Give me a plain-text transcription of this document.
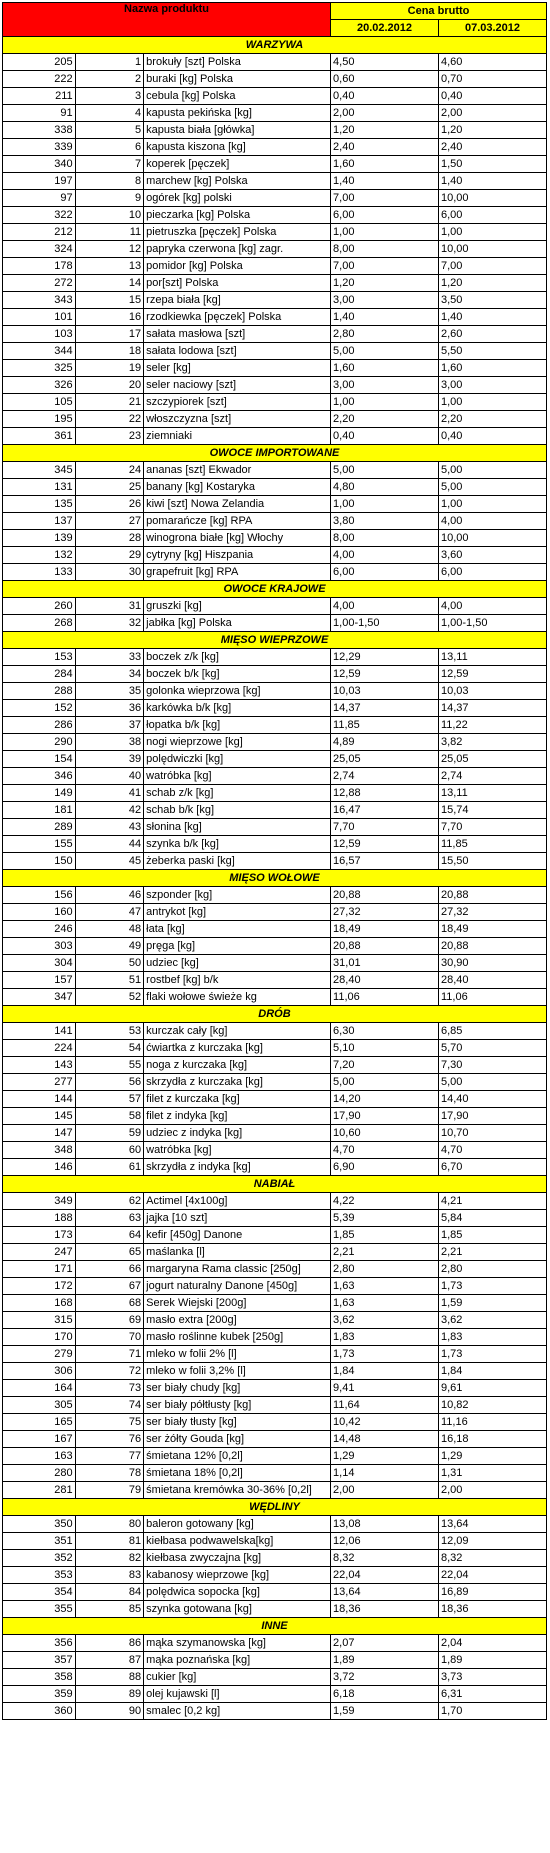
Nazwa produktu			Cena brutto	
			20.02.2012	07.03.2012
WARZYWA				
205	1	brokuły [szt] Polska	4,50	4,60
222	2	buraki [kg] Polska	0,60	0,70
211	3	cebula [kg] Polska	0,40	0,40
91	4	kapusta pekińska [kg]	2,00	2,00
338	5	kapusta biała [główka]	1,20	1,20
339	6	kapusta kiszona [kg]	2,40	2,40
340	7	koperek [pęczek]	1,60	1,50
197	8	marchew [kg] Polska	1,40	1,40
97	9	ogórek [kg] polski	7,00	10,00
322	10	pieczarka [kg] Polska	6,00	6,00
212	11	pietruszka [pęczek] Polska	1,00	1,00
324	12	papryka czerwona [kg] zagr.	8,00	10,00
178	13	pomidor [kg] Polska	7,00	7,00
272	14	por[szt] Polska	1,20	1,20
343	15	rzepa biała [kg]	3,00	3,50
101	16	rzodkiewka [pęczek] Polska	1,40	1,40
103	17	sałata masłowa [szt]	2,80	2,60
344	18	sałata lodowa [szt]	5,00	5,50
325	19	seler [kg]	1,60	1,60
326	20	seler naciowy [szt]	3,00	3,00
105	21	szczypiorek [szt]	1,00	1,00
195	22	włoszczyzna [szt]	2,20	2,20
361	23	ziemniaki	0,40	0,40
OWOCE IMPORTOWANE				
345	24	ananas [szt] Ekwador	5,00	5,00
131	25	banany [kg] Kostaryka	4,80	5,00
135	26	kiwi [szt] Nowa Zelandia	1,00	1,00
137	27	pomarańcze [kg] RPA	3,80	4,00
139	28	winogrona białe [kg] Włochy	8,00	10,00
132	29	cytryny [kg] Hiszpania	4,00	3,60
133	30	grapefruit [kg] RPA	6,00	6,00
OWOCE KRAJOWE				
260	31	gruszki [kg]	4,00	4,00
268	32	jabłka [kg] Polska	1,00-1,50	1,00-1,50
MIĘSO WIEPRZOWE				
153	33	boczek z/k [kg]	12,29	13,11
284	34	boczek b/k [kg]	12,59	12,59
288	35	golonka wieprzowa [kg]	10,03	10,03
152	36	karkówka b/k [kg]	14,37	14,37
286	37	łopatka b/k [kg]	11,85	11,22
290	38	nogi wieprzowe [kg]	4,89	3,82
154	39	polędwiczki [kg]	25,05	25,05
346	40	watróbka [kg]	2,74	2,74
149	41	schab z/k [kg]	12,88	13,11
181	42	schab b/k [kg]	16,47	15,74
289	43	słonina [kg]	7,70	7,70
155	44	szynka b/k [kg]	12,59	11,85
150	45	żeberka paski [kg]	16,57	15,50
MIĘSO WOŁOWE				
156	46	szponder [kg]	20,88	20,88
160	47	antrykot [kg]	27,32	27,32
246	48	łata [kg]	18,49	18,49
303	49	pręga [kg]	20,88	20,88
304	50	udziec [kg]	31,01	30,90
157	51	rostbef [kg] b/k	28,40	28,40
347	52	flaki wołowe świeże kg	11,06	11,06
DRÓB				
141	53	kurczak cały [kg]	6,30	6,85
224	54	ćwiartka z kurczaka [kg]	5,10	5,70
143	55	noga z kurczaka [kg]	7,20	7,30
277	56	skrzydła z kurczaka [kg]	5,00	5,00
144	57	filet z kurczaka [kg]	14,20	14,40
145	58	filet z indyka [kg]	17,90	17,90
147	59	udziec z indyka [kg]	10,60	10,70
348	60	watróbka [kg]	4,70	4,70
146	61	skrzydła z indyka [kg]	6,90	6,70
NABIAŁ				
349	62	Actimel [4x100g]	4,22	4,21
188	63	jajka [10 szt]	5,39	5,84
173	64	kefir [450g] Danone	1,85	1,85
247	65	maślanka [l]	2,21	2,21
171	66	margaryna Rama classic [250g]	2,80	2,80
172	67	jogurt naturalny Danone [450g]	1,63	1,73
168	68	Serek Wiejski [200g]	1,63	1,59
315	69	masło extra [200g]	3,62	3,62
170	70	masło roślinne kubek [250g]	1,83	1,83
279	71	mleko w folii 2% [l]	1,73	1,73
306	72	mleko w folii 3,2% [l]	1,84	1,84
164	73	ser biały chudy [kg]	9,41	9,61
305	74	ser biały półtłusty [kg]	11,64	10,82
165	75	ser biały tłusty [kg]	10,42	11,16
167	76	ser żółty Gouda [kg]	14,48	16,18
163	77	śmietana 12% [0,2l]	1,29	1,29
280	78	śmietana 18% [0,2l]	1,14	1,31
281	79	śmietana kremówka 30-36% [0,2l]	2,00	2,00
WĘDLINY				
350	80	baleron gotowany [kg]	13,08	13,64
351	81	kiełbasa podwawelska[kg]	12,06	12,09
352	82	kiełbasa zwyczajna [kg]	8,32	8,32
353	83	kabanosy wieprzowe [kg]	22,04	22,04
354	84	polędwica sopocka [kg]	13,64	16,89
355	85	szynka gotowana [kg]	18,36	18,36
INNE				
356	86	mąka szymanowska [kg]	2,07	2,04
357	87	mąka poznańska [kg]	1,89	1,89
358	88	cukier [kg]	3,72	3,73
359	89	olej kujawski [l]	6,18	6,31
360	90	smalec [0,2 kg]	1,59	1,70
